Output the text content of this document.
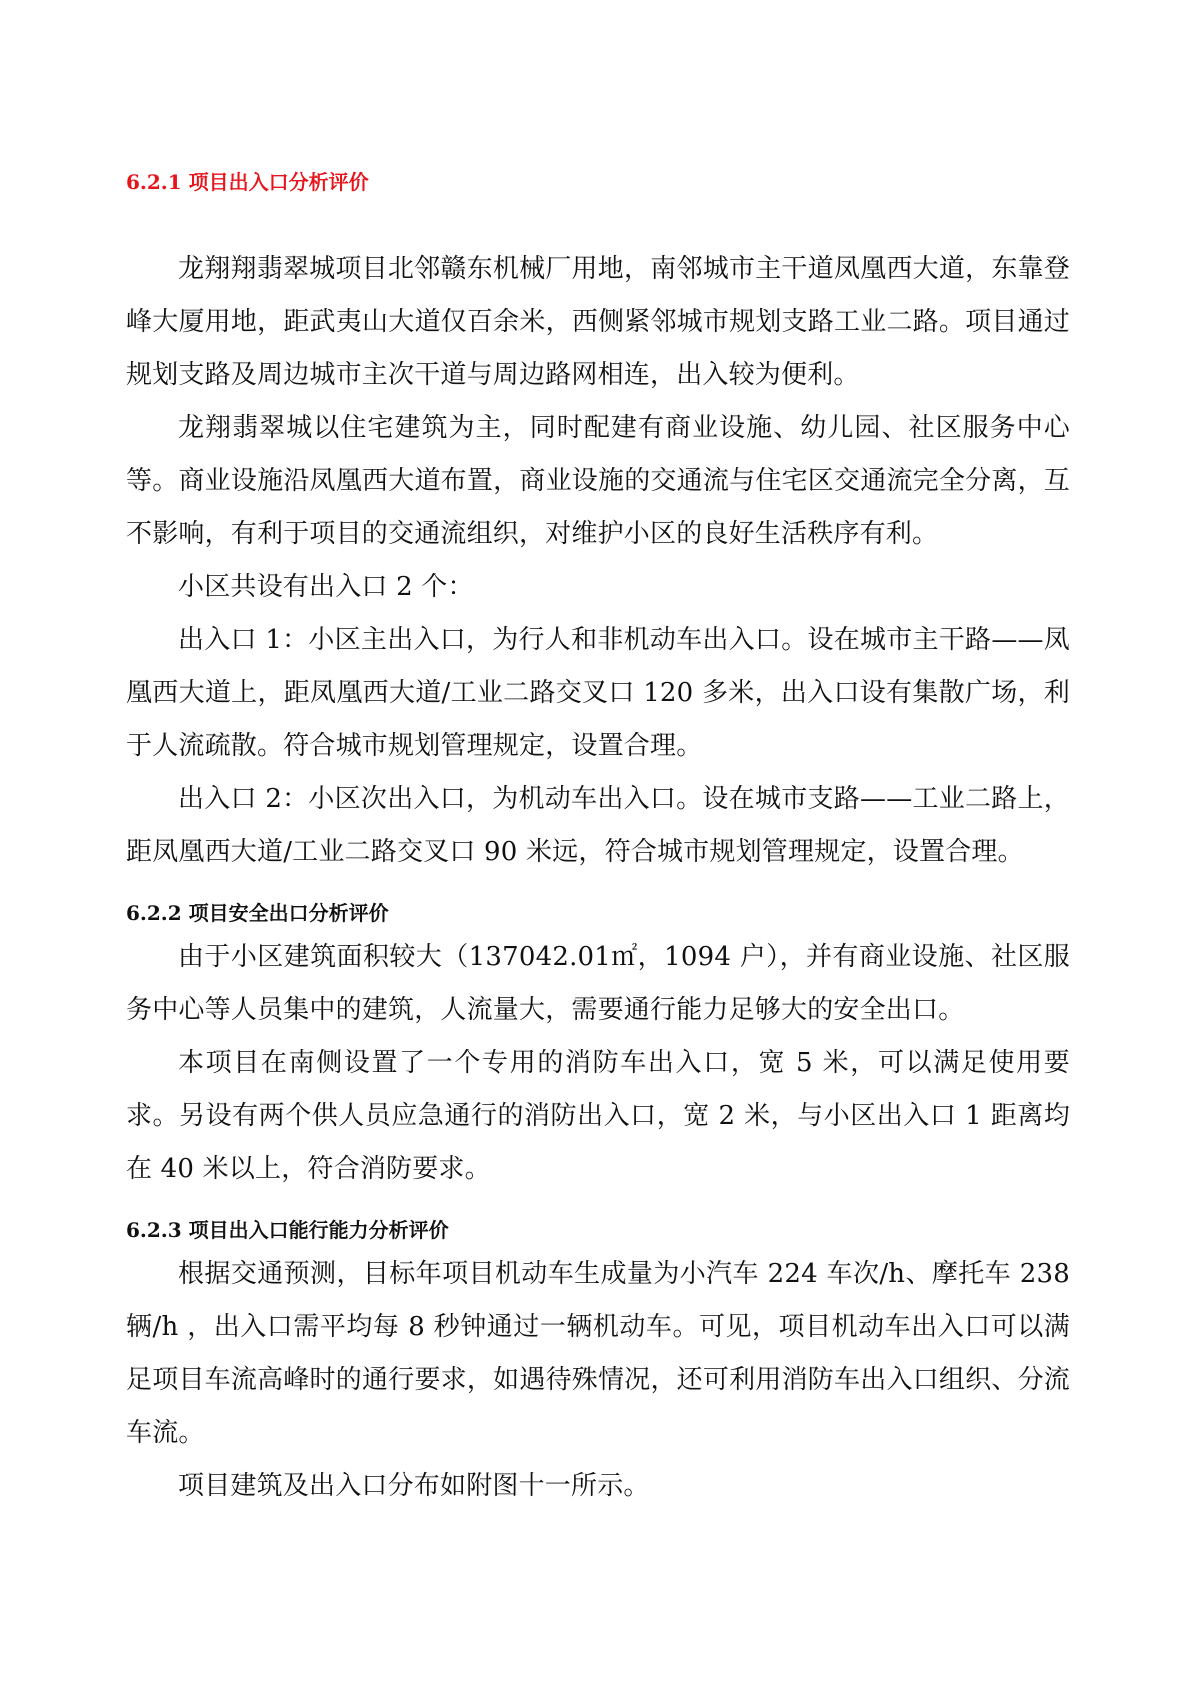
6.2.1 项目出入口分析评价

龙翔翔翡翠城项目北邻赣东机械厂用地，南邻城市主干道凤凰西大道，东靠登峰大厦用地，距武夷山大道仅百余米，西侧紧邻城市规划支路工业二路。项目通过规划支路及周边城市主次干道与周边路网相连，出入较为便利。

龙翔翡翠城以住宅建筑为主，同时配建有商业设施、幼儿园、社区服务中心等。商业设施沿凤凰西大道布置，商业设施的交通流与住宅区交通流完全分离，互不影响，有利于项目的交通流组织，对维护小区的良好生活秩序有利。

小区共设有出入口 2 个：

出入口 1：小区主出入口，为行人和非机动车出入口。设在城市主干路——凤凰西大道上，距凤凰西大道/工业二路交叉口 120 多米，出入口设有集散广场，利于人流疏散。符合城市规划管理规定，设置合理。

出入口 2：小区次出入口，为机动车出入口。设在城市支路——工业二路上，距凤凰西大道/工业二路交叉口 90 米远，符合城市规划管理规定，设置合理。

6.2.2 项目安全出口分析评价

由于小区建筑面积较大（137042.01㎡，1094 户），并有商业设施、社区服务中心等人员集中的建筑，人流量大，需要通行能力足够大的安全出口。

本项目在南侧设置了一个专用的消防车出入口，宽 5 米，可以满足使用要求。另设有两个供人员应急通行的消防出入口，宽 2 米，与小区出入口 1 距离均在 40 米以上，符合消防要求。

6.2.3 项目出入口能行能力分析评价

根据交通预测，目标年项目机动车生成量为小汽车 224 车次/h、摩托车 238 辆/h ，出入口需平均每 8 秒钟通过一辆机动车。可见，项目机动车出入口可以满足项目车流高峰时的通行要求，如遇待殊情况，还可利用消防车出入口组织、分流车流。

项目建筑及出入口分布如附图十一所示。
